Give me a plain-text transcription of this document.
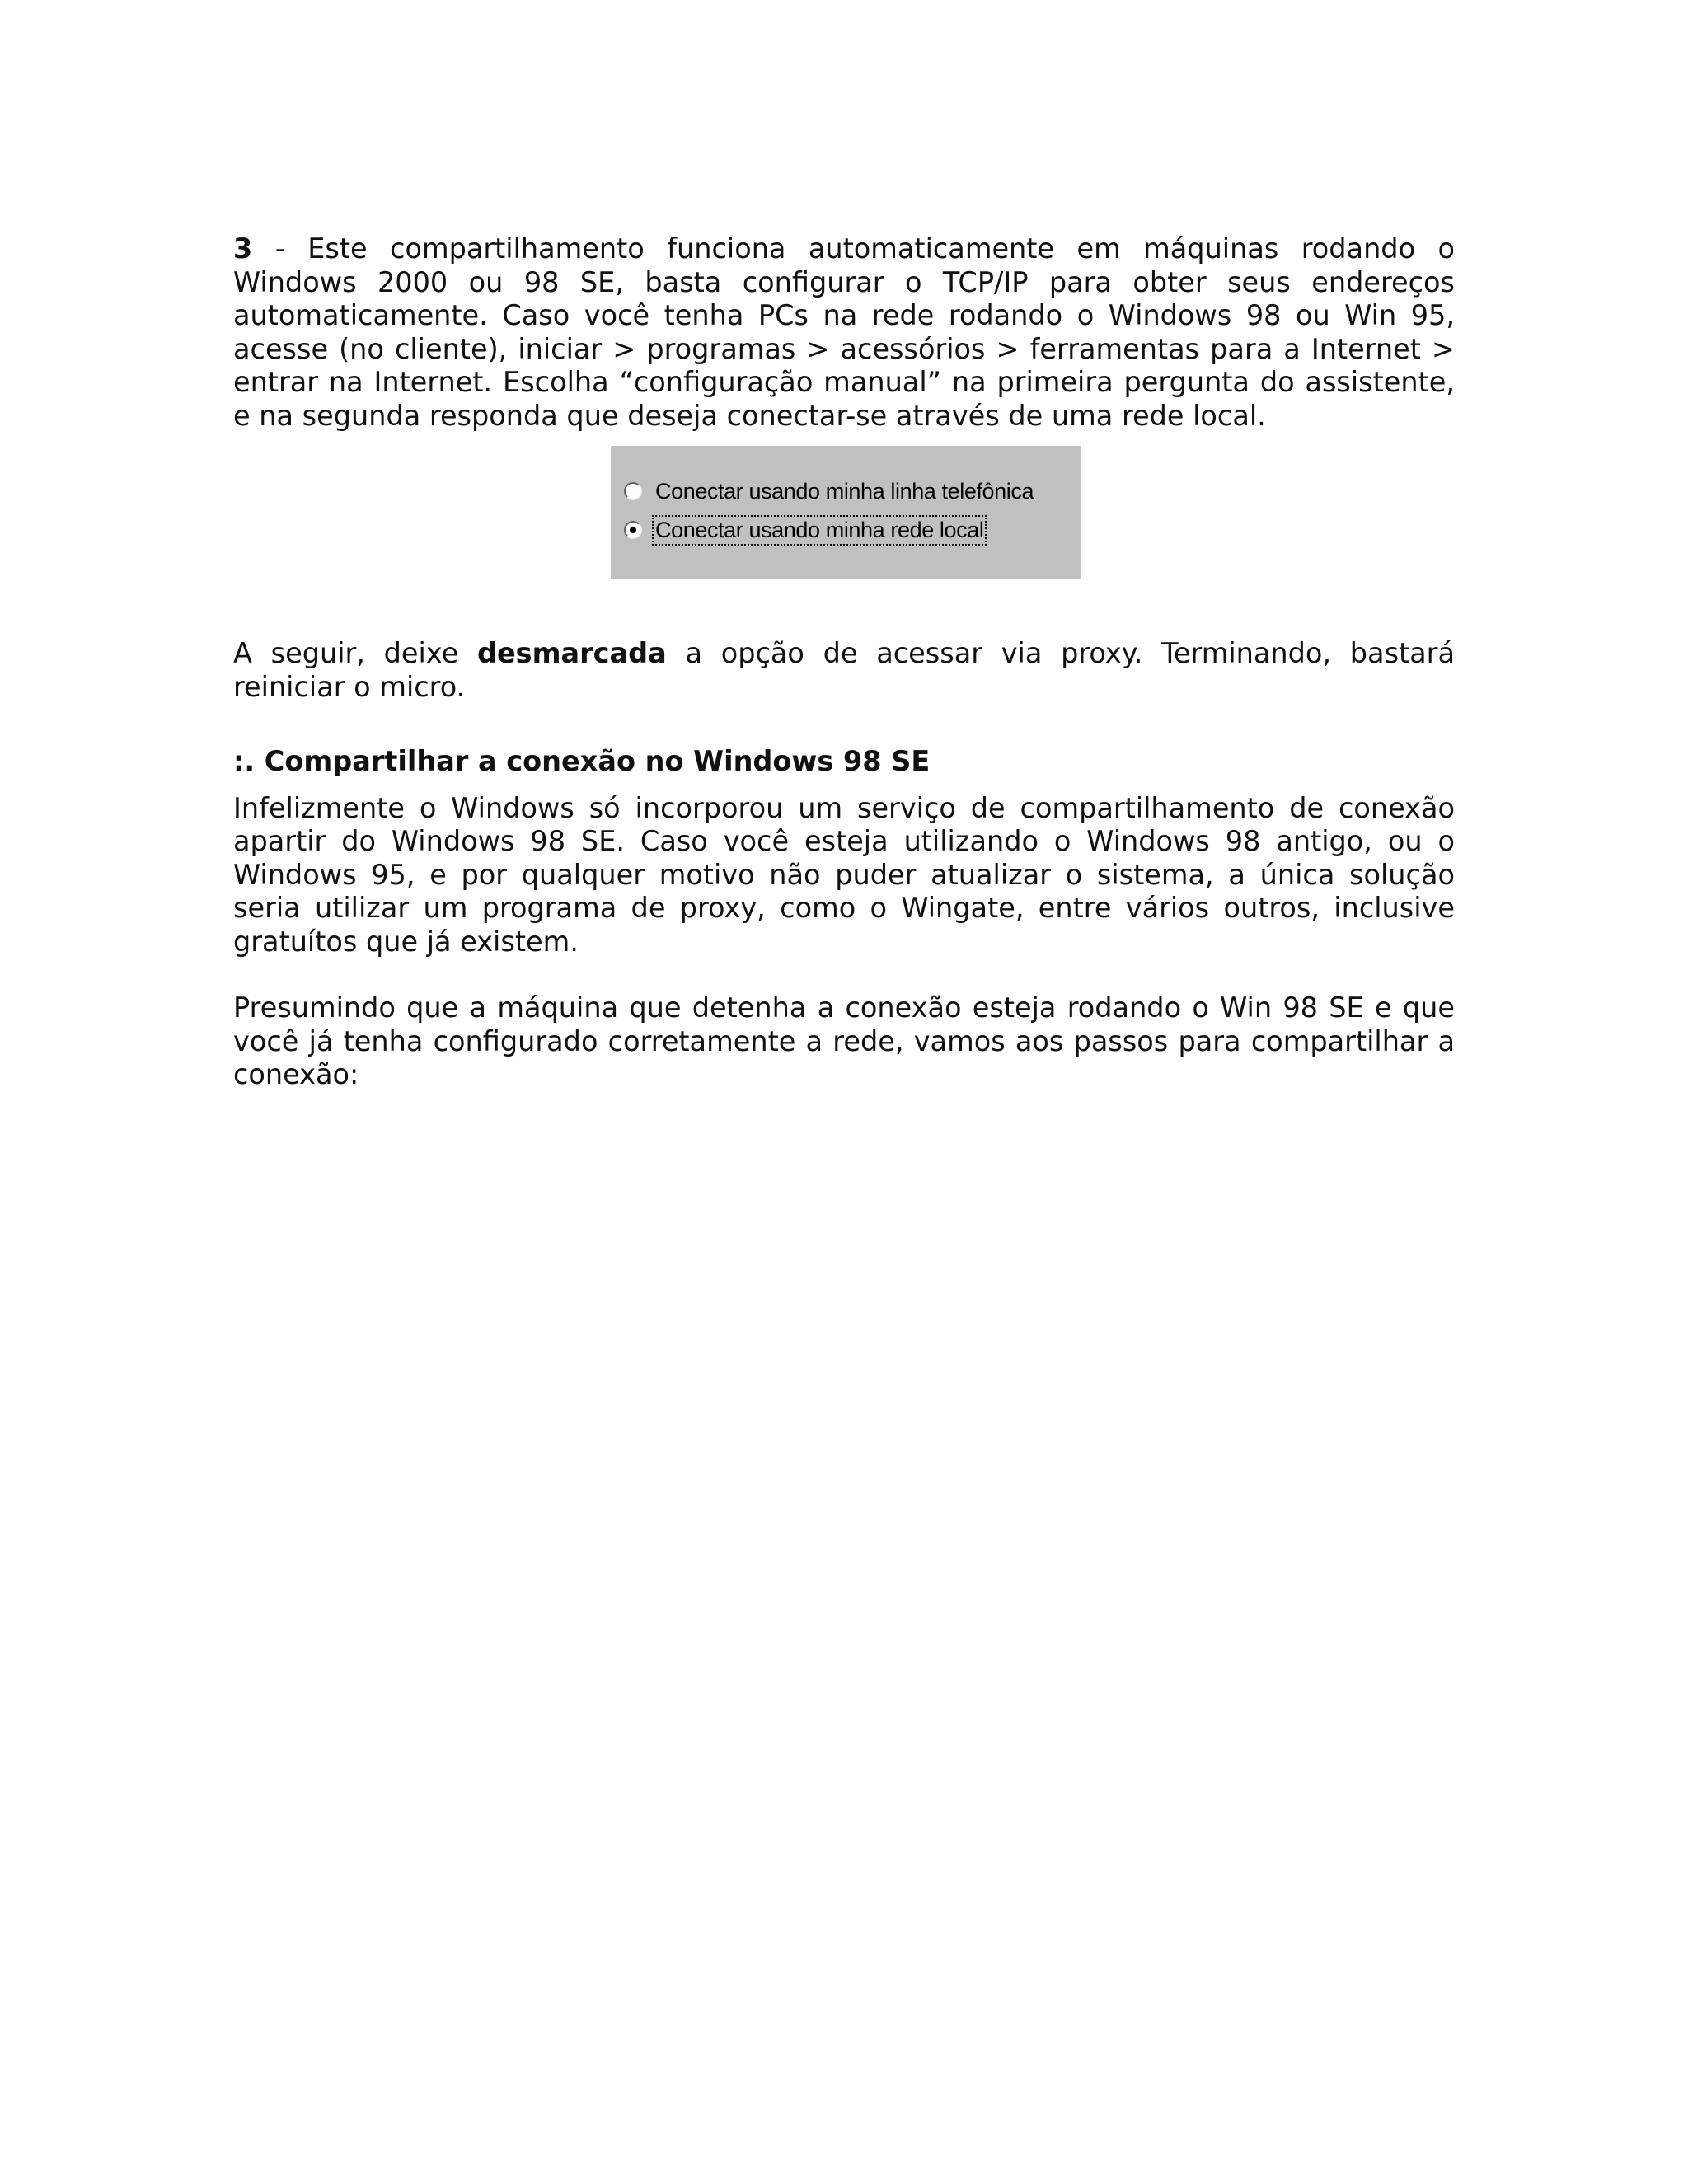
3 - Este compartilhamento funciona automaticamente em máquinas rodando o Windows 2000 ou 98 SE, basta configurar o TCP/IP para obter seus endereços automaticamente. Caso você tenha PCs na rede rodando o Windows 98 ou Win 95, acesse (no cliente), iniciar > programas > acessórios > ferramentas para a Internet > entrar na Internet. Escolha “configuração manual” na primeira pergunta do assistente, e na segunda responda que deseja conectar-se através de uma rede local.

Conectar usando minha linha telefônica
Conectar usando minha rede local

A seguir, deixe desmarcada a opção de acessar via proxy. Terminando, bastará reiniciar o micro.

:. Compartilhar a conexão no Windows 98 SE

Infelizmente o Windows só incorporou um serviço de compartilhamento de conexão apartir do Windows 98 SE. Caso você esteja utilizando o Windows 98 antigo, ou o Windows 95, e por qualquer motivo não puder atualizar o sistema, a única solução seria utilizar um programa de proxy, como o Wingate, entre vários outros, inclusive gratuítos que já existem.

Presumindo que a máquina que detenha a conexão esteja rodando o Win 98 SE e que você já tenha configurado corretamente a rede, vamos aos passos para compartilhar a conexão:
